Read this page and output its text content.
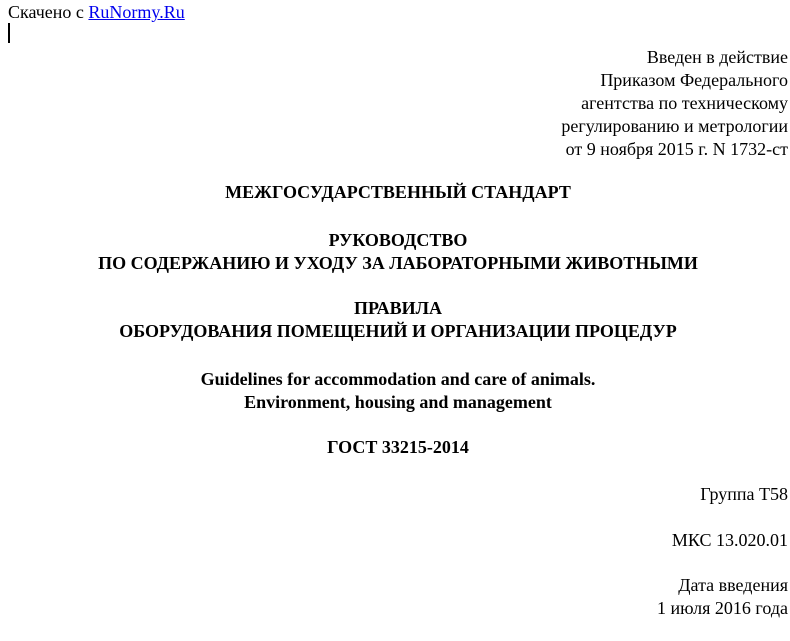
Скачено с RuNormy.Ru
Введен в действие
Приказом Федерального
агентства по техническому
регулированию и метрологии
от 9 ноября 2015 г. N 1732-ст
МЕЖГОСУДАРСТВЕННЫЙ СТАНДАРТ
РУКОВОДСТВО
ПО СОДЕРЖАНИЮ И УХОДУ ЗА ЛАБОРАТОРНЫМИ ЖИВОТНЫМИ
ПРАВИЛА
ОБОРУДОВАНИЯ ПОМЕЩЕНИЙ И ОРГАНИЗАЦИИ ПРОЦЕДУР
Guidelines for accommodation and care of animals.
Environment, housing and management
ГОСТ 33215-2014
Группа Т58
МКС 13.020.01
Дата введения
1 июля 2016 года
